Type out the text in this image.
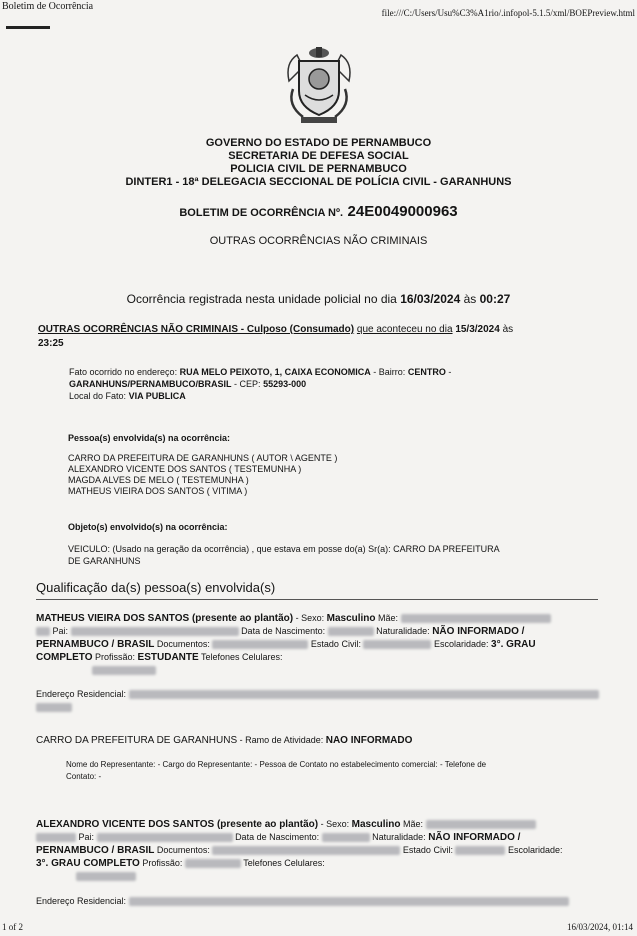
Boletim de Ocorrência
file:///C:/Users/Usu%C3%A1rio/.infopol-5.1.5/xml/BOEPreview.html
GOVERNO DO ESTADO DE PERNAMBUCO
SECRETARIA DE DEFESA SOCIAL
POLICIA CIVIL DE PERNAMBUCO
DINTER1 - 18ª DELEGACIA SECCIONAL DE POLÍCIA CIVIL - GARANHUNS
BOLETIM DE OCORRÊNCIA Nº. 24E0049000963
OUTRAS OCORRÊNCIAS NÃO CRIMINAIS
Ocorrência registrada nesta unidade policial no dia 16/03/2024 às 00:27
OUTRAS OCORRÊNCIAS NÃO CRIMINAIS - Culposo (Consumado) que aconteceu no dia 15/3/2024 às
23:25
Fato ocorrido no endereço: RUA MELO PEIXOTO, 1, CAIXA ECONOMICA - Bairro: CENTRO -
GARANHUNS/PERNAMBUCO/BRASIL - CEP: 55293-000
Local do Fato: VIA PUBLICA
Pessoa(s) envolvida(s) na ocorrência:
CARRO DA PREFEITURA DE GARANHUNS ( AUTOR \ AGENTE )
ALEXANDRO VICENTE DOS SANTOS ( TESTEMUNHA )
MAGDA ALVES DE MELO ( TESTEMUNHA )
MATHEUS VIEIRA DOS SANTOS ( VITIMA )
Objeto(s) envolvido(s) na ocorrência:
VEICULO: (Usado na geração da ocorrência) , que estava em posse do(a) Sr(a): CARRO DA PREFEITURA
DE GARANHUNS
Qualificação da(s) pessoa(s) envolvida(s)
MATHEUS VIEIRA DOS SANTOS (presente ao plantão) - Sexo: Masculino Mãe:
Pai:	Data de Nascimento:	Naturalidade: NÃO INFORMADO /
PERNAMBUCO / BRASIL Documentos:	Estado Civil:	Escolaridade: 3°. GRAU
COMPLETO Profissão: ESTUDANTE Telefones Celulares:

Endereço Residencial:

CARRO DA PREFEITURA DE GARANHUNS - Ramo de Atividade: NAO INFORMADO
Nome do Representante: - Cargo do Representante: - Pessoa de Contato no estabelecimento comercial: - Telefone de
Contato: -
ALEXANDRO VICENTE DOS SANTOS (presente ao plantão) - Sexo: Masculino Mãe:
Pai:	Data de Nascimento:	Naturalidade: NÃO INFORMADO /
PERNAMBUCO / BRASIL Documentos:	Estado Civil:	Escolaridade:
3°. GRAU COMPLETO Profissão:	Telefones Celulares:

Endereço Residencial:
1 of 2	16/03/2024, 01:14
